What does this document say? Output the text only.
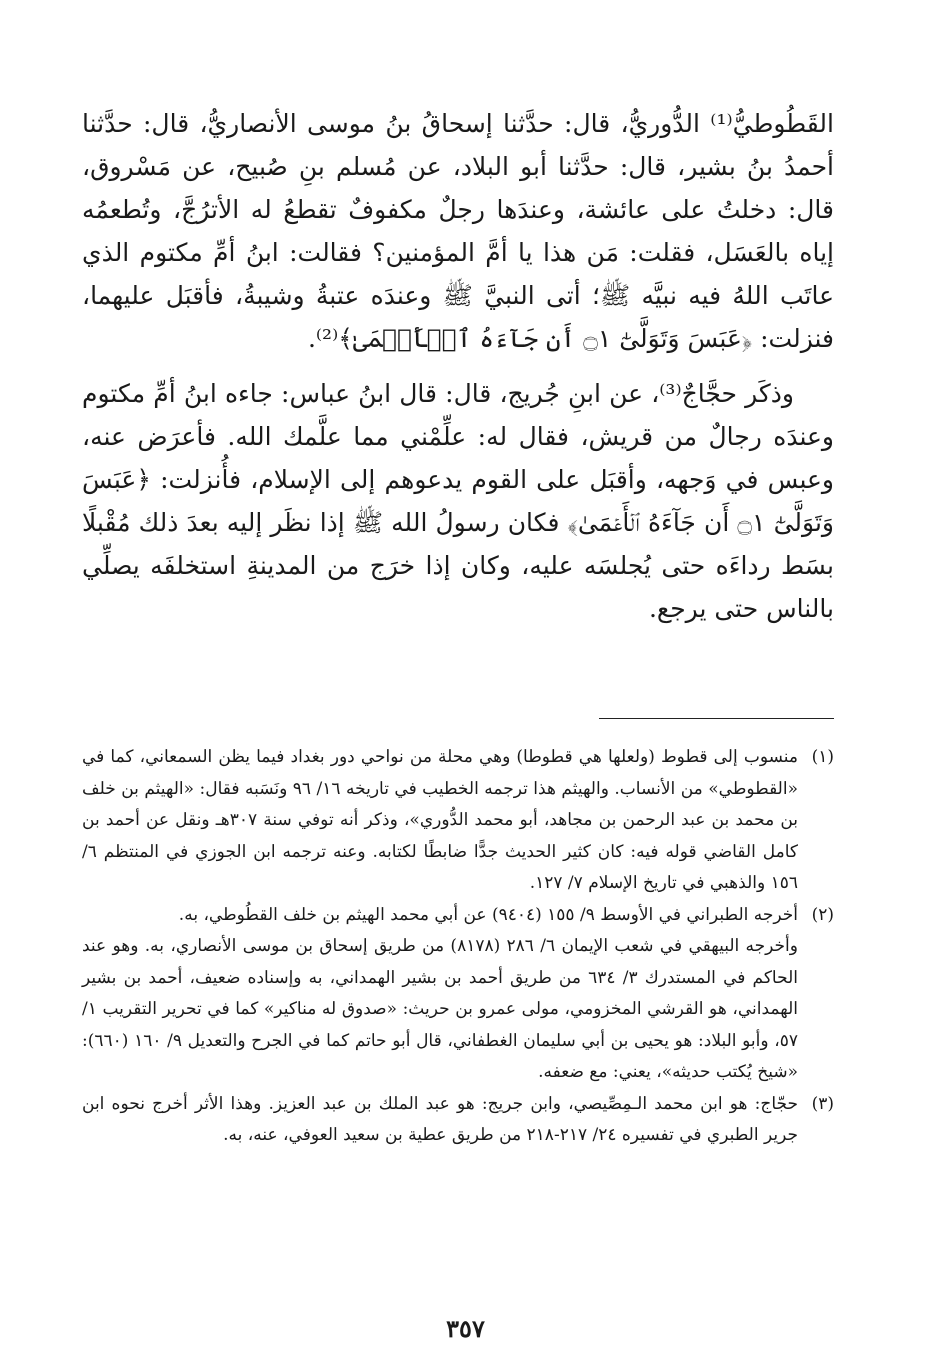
القَطُوطيُّ⁽¹⁾ الدُّوريُّ، قال: حدَّثنا إسحاقُ بنُ موسى الأنصاريُّ، قال: حدَّثنا أحمدُ بنُ بشير، قال: حدَّثنا أبو البلاد، عن مُسلم بنِ صُبيح، عن مَسْروق، قال: دخلتُ على عائشة، وعندَها رجلٌ مكفوفٌ تقطعُ له الأترُجَّ، وتُطعمُه إياه بالعَسَل، فقلت: مَن هذا يا أمَّ المؤمنين؟ فقالت: ابنُ أمِّ مكتوم الذي عاتَب اللهُ فيه نبيَّه ﷺ؛ أتى النبيَّ ﷺ وعندَه عتبةُ وشيبةُ، فأقبَل عليهما، فنزلت: ﴿عَبَسَ وَتَوَلَّىٰٓ ۝١ أَن جَآءَهُ ٱلۡأَعۡمَىٰ﴾⁽²⁾.

وذكَر حجَّاجٌ⁽³⁾، عن ابنِ جُريج، قال: قال ابنُ عباس: جاءه ابنُ أمِّ مكتوم وعندَه رجالٌ من قريش، فقال له: علِّمْني مما علَّمك الله. فأعرَض عنه، وعبس في وَجهه، وأقبَل على القوم يدعوهم إلى الإسلام، فأُنزلت: ﴿عَبَسَ وَتَوَلَّىٰٓ ۝١ أَن جَآءَهُ ٱلۡأَعۡمَىٰ﴾ فكان رسولُ الله ﷺ إذا نظَر إليه بعدَ ذلك مُقْبلًا بسَط رداءَه حتى يُجلسَه عليه، وكان إذا خرَج من المدينةِ استخلفَه يصلِّي بالناس حتى يرجع.

(١)
منسوب إلى قطوط (ولعلها هي قطوطا) وهي محلة من نواحي دور بغداد فيما يظن السمعاني، كما في «القطوطي» من الأنساب. والهيثم هذا ترجمه الخطيب في تاريخه ١٦/ ٩٦ ونَسَبه فقال: «الهيثم بن خلف بن محمد بن عبد الرحمن بن مجاهد، أبو محمد الدُّوري»، وذكر أنه توفي سنة ٣٠٧هـ ونقل عن أحمد بن كامل القاضي قوله فيه: كان كثير الحديث جدًّا ضابطًا لكتابه. وعنه ترجمه ابن الجوزي في المنتظم ٦/ ١٥٦ والذهبي في تاريخ الإسلام ٧/ ١٢٧.

(٢)
أخرجه الطبراني في الأوسط ٩/ ١٥٥ (٩٤٠٤) عن أبي محمد الهيثم بن خلف القطُوطي، به.

وأخرجه البيهقي في شعب الإيمان ٦/ ٢٨٦ (٨١٧٨) من طريق إسحاق بن موسى الأنصاري، به. وهو عند الحاكم في المستدرك ٣/ ٦٣٤ من طريق أحمد بن بشير الهمداني، به وإسناده ضعيف، أحمد بن بشير الهمداني، هو القرشي المخزومي، مولى عمرو بن حريث: «صدوق له مناكير» كما في تحرير التقريب ١/ ٥٧، وأبو البلاد: هو يحيى بن أبي سليمان الغطفاني، قال أبو حاتم كما في الجرح والتعديل ٩/ ١٦٠ (٦٦٠): «شيخ يُكتب حديثه»، يعني: مع ضعفه.

(٣)
حجّاج: هو ابن محمد الـمِصِّيصي، وابن جريج: هو عبد الملك بن عبد العزيز. وهذا الأثر أخرج نحوه ابن جرير الطبري في تفسيره ٢٤/ ٢١٧-٢١٨ من طريق عطية بن سعيد العوفي، عنه، به.

٣٥٧
